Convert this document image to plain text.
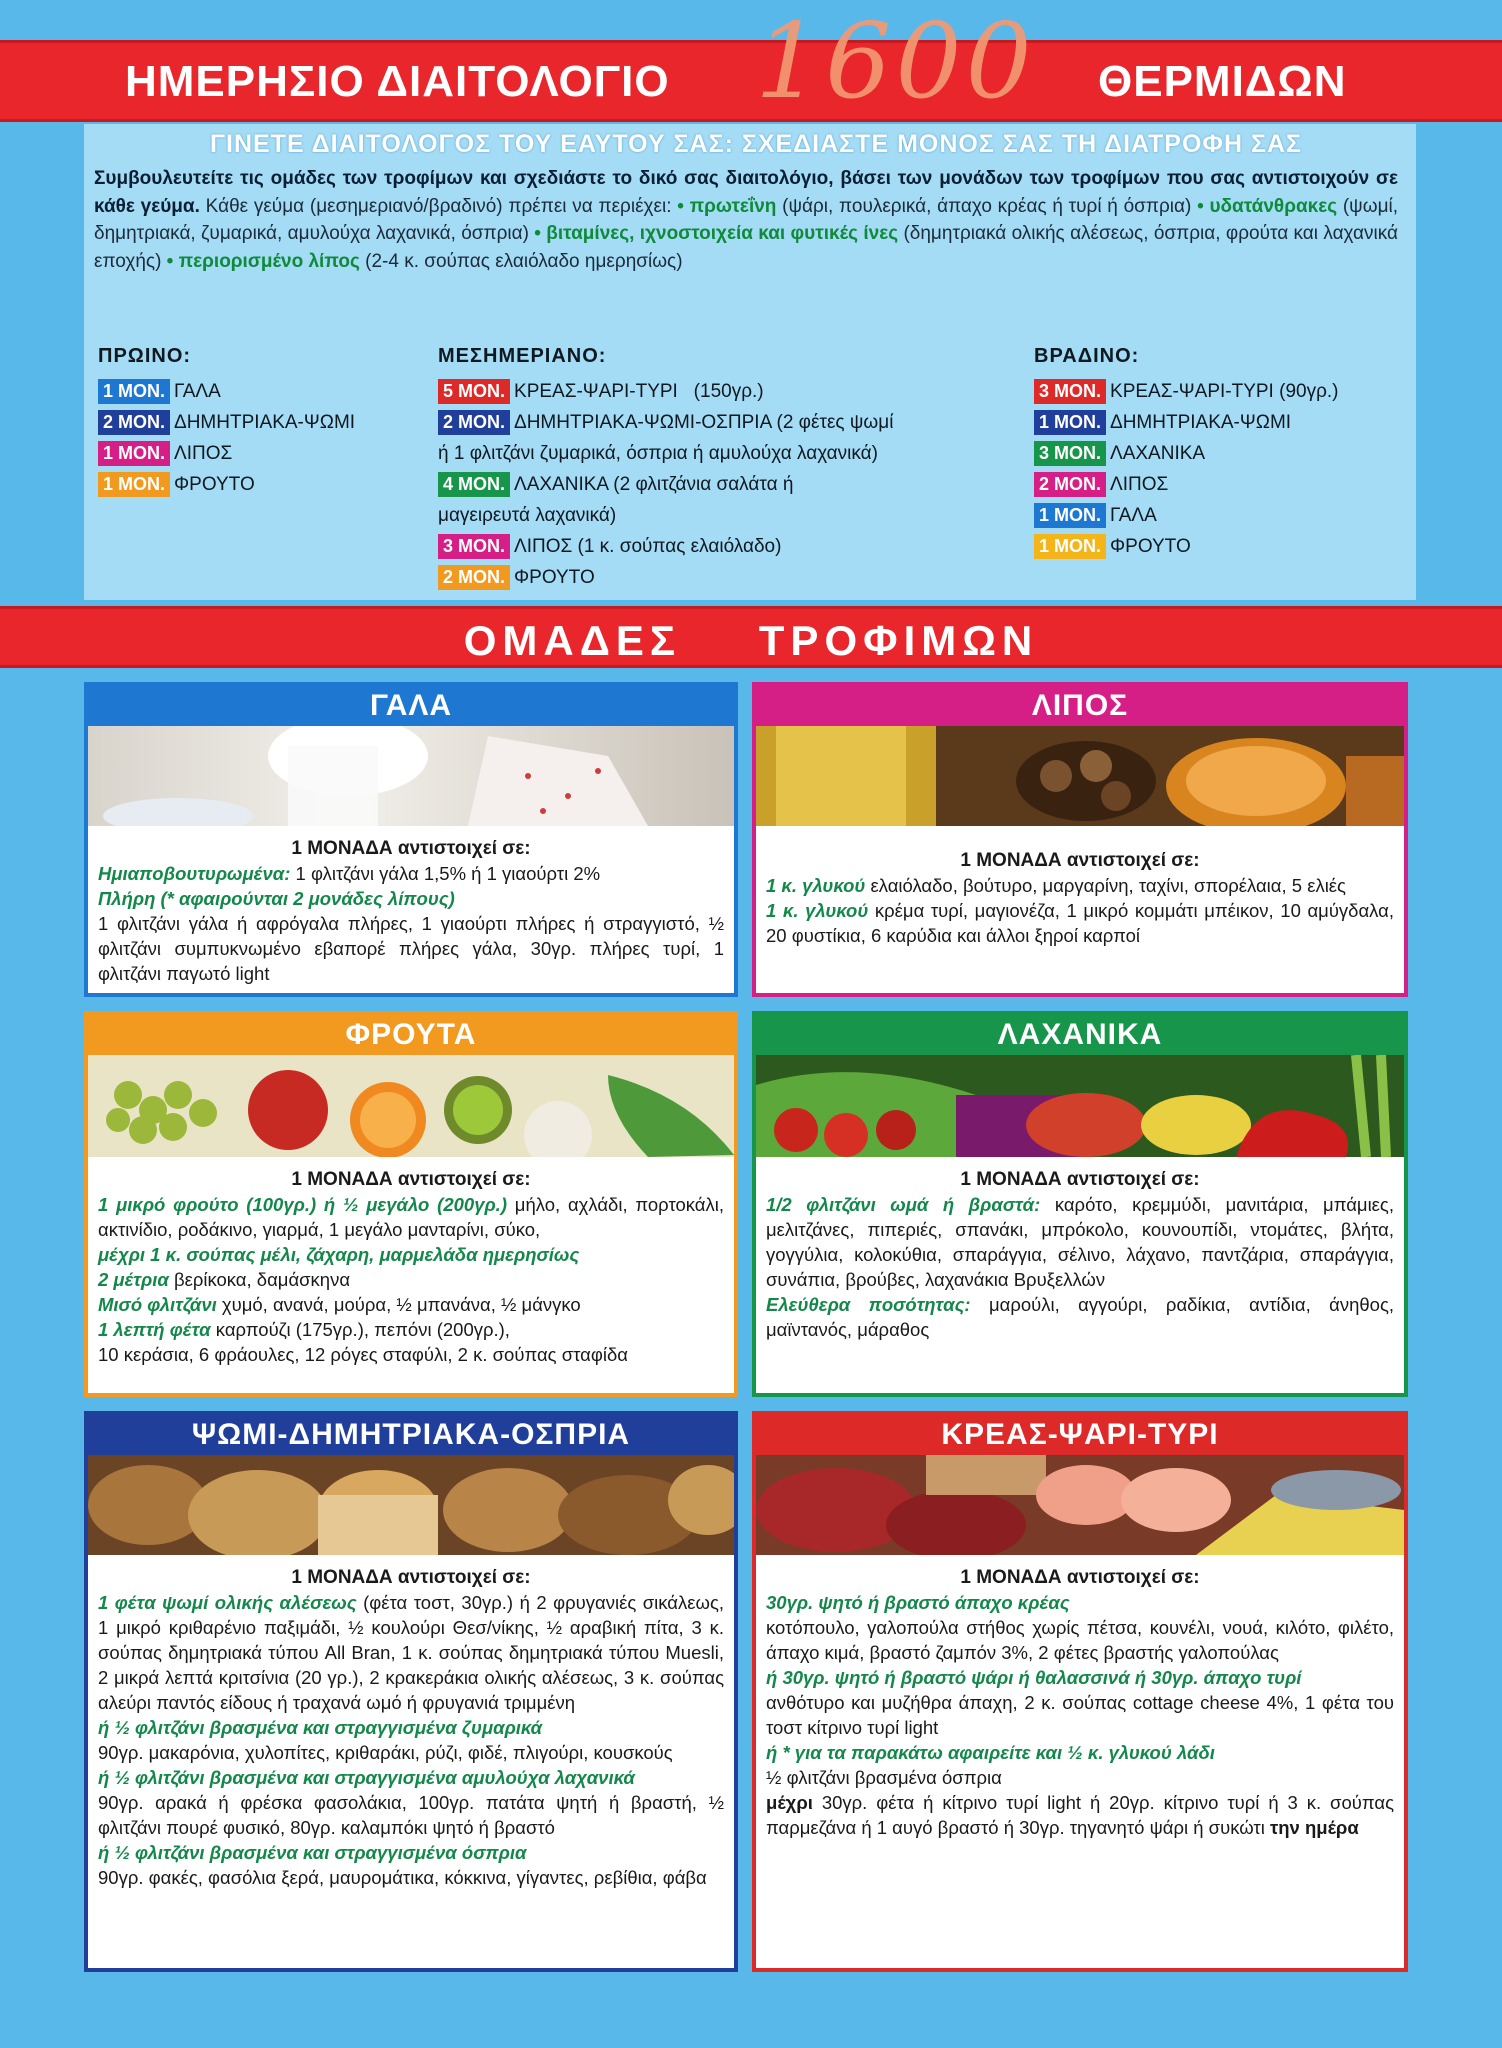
ΗΜΕΡΗΣΙΟ ΔΙΑΙΤΟΛΟΓΙΟ	ΘΕΡΜΙΔΩΝ
1600
ΓΙΝΕΤΕ ΔΙΑΙΤΟΛΟΓΟΣ ΤΟΥ ΕΑΥΤΟΥ ΣΑΣ: ΣΧΕΔΙΑΣΤΕ ΜΟΝΟΣ ΣΑΣ ΤΗ ΔΙΑΤΡΟΦΗ ΣΑΣ
Συμβουλευτείτε τις ομάδες των τροφίμων και σχεδιάστε το δικό σας διαιτολόγιο, βάσει των μονάδων των τροφίμων που σας αντιστοιχούν σε κάθε γεύμα. Κάθε γεύμα (μεσημεριανό/βραδινό) πρέπει να περιέχει: • πρωτεΐνη (ψάρι, πουλερικά, άπαχο κρέας ή τυρί ή όσπρια) • υδατάνθρακες (ψωμί, δημητριακά, ζυμαρικά, αμυλούχα λαχανικά, όσπρια) • βιταμίνες, ιχνοστοιχεία και φυτικές ίνες (δημητριακά ολικής αλέσεως, όσπρια, φρούτα και λαχανικά εποχής) • περιορισμένο λίπος (2-4 κ. σούπας ελαιόλαδο ημερησίως)
ΠΡΩΙΝΟ:
1 ΜΟΝ. ΓΑΛΑ
2 ΜΟΝ. ΔΗΜΗΤΡΙΑΚΑ-ΨΩΜΙ
1 ΜΟΝ. ΛΙΠΟΣ
1 ΜΟΝ. ΦΡΟΥΤΟ
ΜΕΣΗΜΕΡΙΑΝΟ:
5 ΜΟΝ. ΚΡΕΑΣ-ΨΑΡΙ-ΤΥΡΙ   (150γρ.)
2 ΜΟΝ. ΔΗΜΗΤΡΙΑΚΑ-ΨΩΜΙ-ΟΣΠΡΙΑ (2 φέτες ψωμί
ή 1 φλιτζάνι ζυμαρικά, όσπρια ή αμυλούχα λαχανικά)
4 ΜΟΝ. ΛΑΧΑΝΙΚΑ (2 φλιτζάνια σαλάτα ή
μαγειρευτά λαχανικά)
3 ΜΟΝ. ΛΙΠΟΣ (1 κ. σούπας ελαιόλαδο)
2 ΜΟΝ. ΦΡΟΥΤΟ
ΒΡΑΔΙΝΟ:
3 ΜΟΝ. ΚΡΕΑΣ-ΨΑΡΙ-ΤΥΡΙ (90γρ.)
1 ΜΟΝ. ΔΗΜΗΤΡΙΑΚΑ-ΨΩΜΙ
3 ΜΟΝ. ΛΑΧΑΝΙΚΑ
2 ΜΟΝ. ΛΙΠΟΣ
1 ΜΟΝ. ΓΑΛΑ
1 ΜΟΝ. ΦΡΟΥΤΟ
ΟΜΑΔΕΣ ΤΡΟΦΙΜΩΝ
ΓΑΛΑ

1 ΜΟΝΑΔΑ αντιστοιχεί σε:

Ημιαποβουτυρωμένα: 1 φλιτζάνι γάλα 1,5% ή 1 γιαούρτι 2%

Πλήρη (* αφαιρούνται 2 μονάδες λίπους)

1 φλιτζάνι γάλα ή αφρόγαλα πλήρες, 1 γιαούρτι πλήρες ή στραγγιστό, ½ φλιτζάνι συμπυκνωμένο εβαπορέ πλήρες γάλα, 30γρ. πλήρες τυρί, 1 φλιτζάνι παγωτό light

ΛΙΠΟΣ

1 ΜΟΝΑΔΑ αντιστοιχεί σε:

1 κ. γλυκού ελαιόλαδο, βούτυρο, μαργαρίνη, ταχίνι, σπορέλαια, 5 ελιές

1 κ. γλυκού κρέμα τυρί, μαγιονέζα, 1 μικρό κομμάτι μπέικον, 10 αμύγδαλα, 20 φυστίκια, 6 καρύδια και άλλοι ξηροί καρποί

ΦΡΟΥΤΑ

1 ΜΟΝΑΔΑ αντιστοιχεί σε:

1 μικρό φρούτο (100γρ.) ή ½ μεγάλο (200γρ.) μήλο, αχλάδι, πορτοκάλι, ακτινίδιο, ροδάκινο, γιαρμά, 1 μεγάλο μανταρίνι, σύκο,

μέχρι 1 κ. σούπας μέλι, ζάχαρη, μαρμελάδα ημερησίως

2 μέτρια βερίκοκα, δαμάσκηνα

Μισό φλιτζάνι χυμό, ανανά, μούρα, ½ μπανάνα, ½ μάνγκο

1 λεπτή φέτα καρπούζι (175γρ.), πεπόνι (200γρ.),

10 κεράσια, 6 φράουλες, 12 ρόγες σταφύλι, 2 κ. σούπας σταφίδα

ΛΑΧΑΝΙΚΑ

1 ΜΟΝΑΔΑ αντιστοιχεί σε:

1/2 φλιτζάνι ωμά ή βραστά: καρότο, κρεμμύδι, μανιτάρια, μπάμιες, μελιτζάνες, πιπεριές, σπανάκι, μπρόκολο, κουνουπίδι, ντομάτες, βλήτα, γογγύλια, κολοκύθια, σπαράγγια, σέλινο, λάχανο, παντζάρια, σπαράγγια, συνάπια, βρούβες, λαχανάκια Βρυξελλών

Ελεύθερα ποσότητας: μαρούλι, αγγούρι, ραδίκια, αντίδια, άνηθος, μαϊντανός, μάραθος

ΨΩΜΙ-ΔΗΜΗΤΡΙΑΚΑ-ΟΣΠΡΙΑ

1 ΜΟΝΑΔΑ αντιστοιχεί σε:

1 φέτα ψωμί ολικής αλέσεως (φέτα τοστ, 30γρ.) ή 2 φρυγανιές σικάλεως, 1 μικρό κριθαρένιο παξιμάδι, ½ κουλούρι Θεσ/νίκης, ½ αραβική πίτα, 3 κ. σούπας δημητριακά τύπου All Bran, 1 κ. σούπας δημητριακά τύπου Muesli, 2 μικρά λεπτά κριτσίνια (20 γρ.), 2 κρακεράκια ολικής αλέσεως, 3 κ. σούπας αλεύρι παντός είδους ή τραχανά ωμό ή φρυγανιά τριμμένη

ή ½ φλιτζάνι βρασμένα και στραγγισμένα ζυμαρικά

90γρ. μακαρόνια, χυλοπίτες, κριθαράκι, ρύζι, φιδέ, πλιγούρι, κουσκούς

ή ½ φλιτζάνι βρασμένα και στραγγισμένα αμυλούχα λαχανικά

90γρ. αρακά ή φρέσκα φασολάκια, 100γρ. πατάτα ψητή ή βραστή, ½ φλιτζάνι πουρέ φυσικό, 80γρ. καλαμπόκι ψητό ή βραστό

ή ½ φλιτζάνι βρασμένα και στραγγισμένα όσπρια

90γρ. φακές, φασόλια ξερά, μαυρομάτικα, κόκκινα, γίγαντες, ρεβίθια, φάβα

ΚΡΕΑΣ-ΨΑΡΙ-ΤΥΡΙ

1 ΜΟΝΑΔΑ αντιστοιχεί σε:

30γρ. ψητό ή βραστό άπαχο κρέας

κοτόπουλο, γαλοπούλα στήθος χωρίς πέτσα, κουνέλι, νουά, κιλότο, φιλέτο, άπαχο κιμά, βραστό ζαμπόν 3%, 2 φέτες βραστής γαλοπούλας

ή 30γρ. ψητό ή βραστό ψάρι ή θαλασσινά ή 30γρ. άπαχο τυρί

ανθότυρο και μυζήθρα άπαχη, 2 κ. σούπας cottage cheese 4%, 1 φέτα του τοστ κίτρινο τυρί light

ή * για τα παρακάτω αφαιρείτε και ½ κ. γλυκού λάδι

½ φλιτζάνι βρασμένα όσπρια

μέχρι 30γρ. φέτα ή κίτρινο τυρί light ή 20γρ. κίτρινο τυρί ή 3 κ. σούπας παρμεζάνα ή 1 αυγό βραστό ή 30γρ. τηγανητό ψάρι ή συκώτι την ημέρα
